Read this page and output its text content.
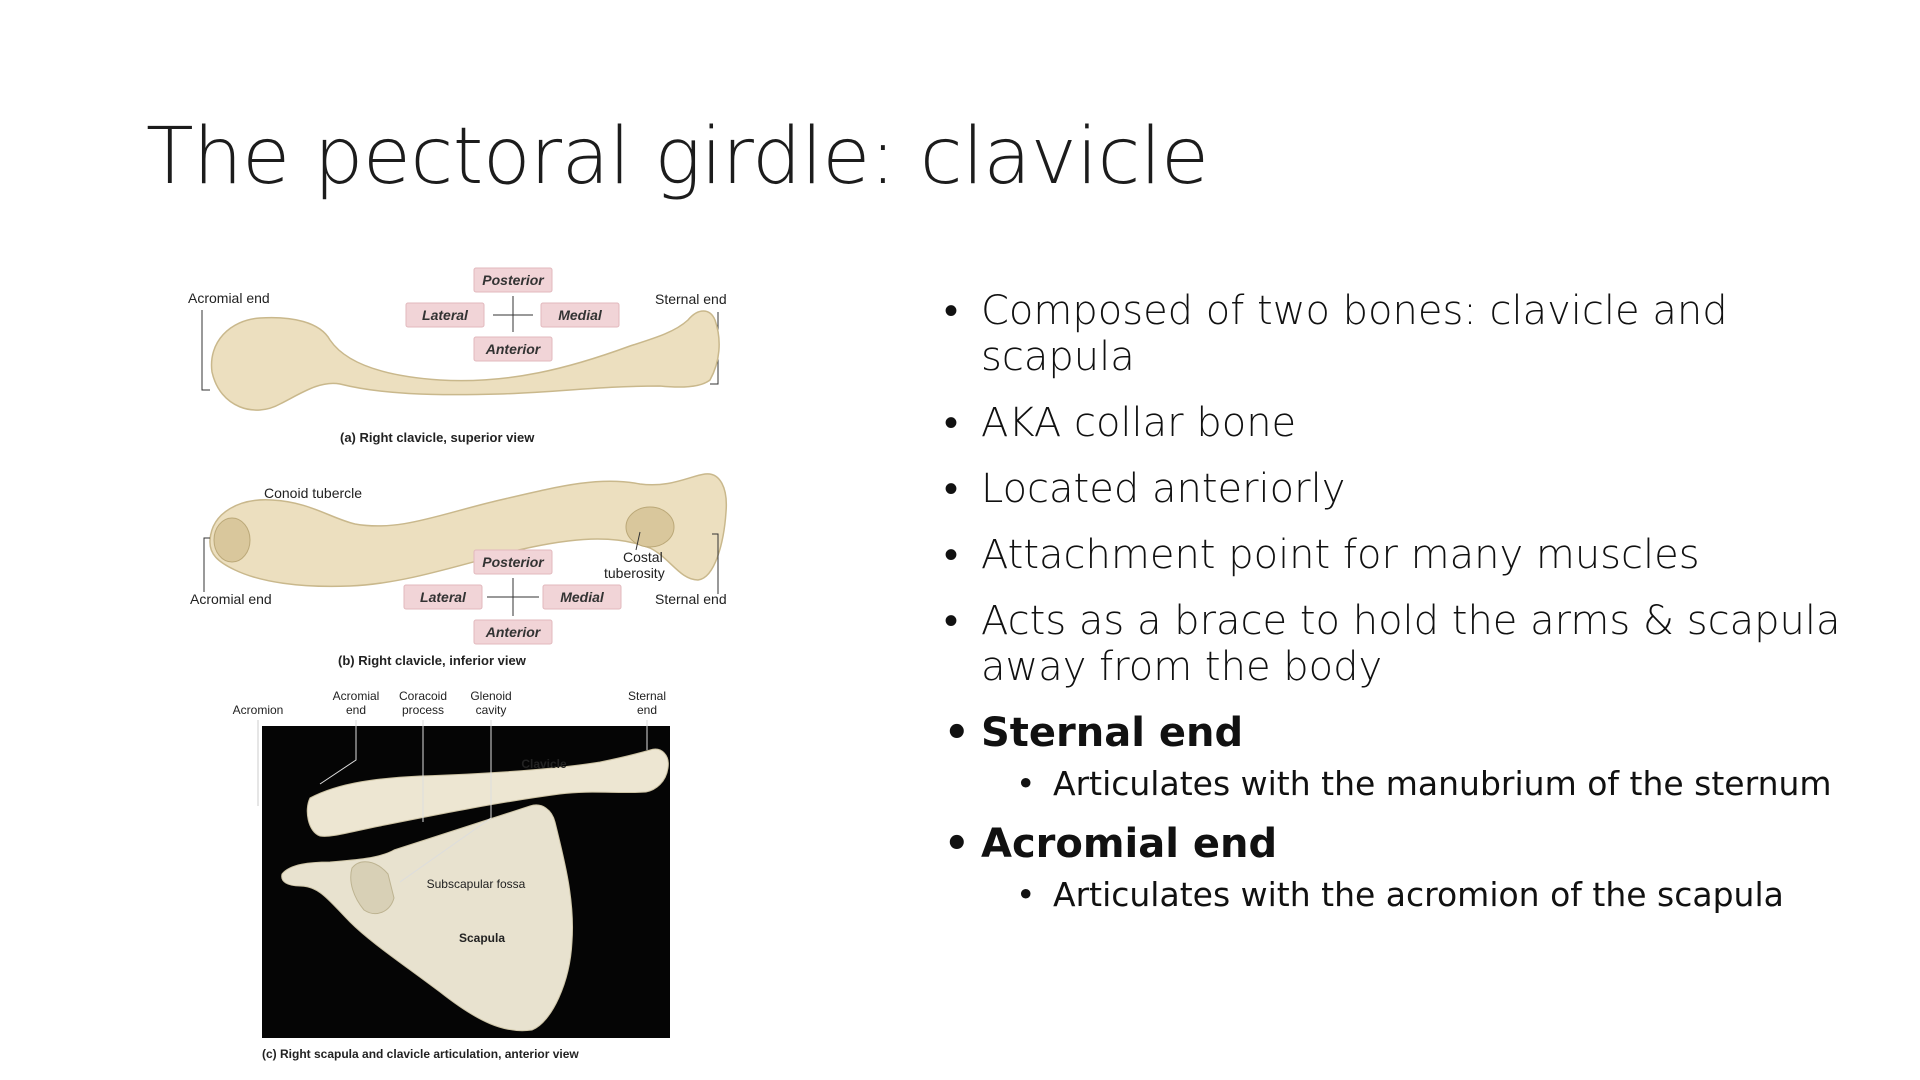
The pectoral girdle: clavicle
Acromial end	Sternal end
Posterior
Lateral	Medial
Anterior
(a) Right clavicle, superior view
Conoid tubercle
Costal
tuberosity
Acromial end	Sternal end
Posterior
Lateral	Medial
Anterior
(b) Right clavicle, inferior view
Acromion
Acromial
end
Coracoid
process
Glenoid
cavity
Sternal
end
Clavicle
Subscapular fossa
Scapula
(c) Right scapula and clavicle articulation, anterior view
• Composed of two bones: clavicle and scapula
• AKA collar bone
• Located anteriorly
• Attachment point for many muscles
• Acts as a brace to hold the arms & scapula away from the body
• Sternal end
• Articulates with the manubrium of the sternum
• Acromial end
• Articulates with the acromion of the scapula
